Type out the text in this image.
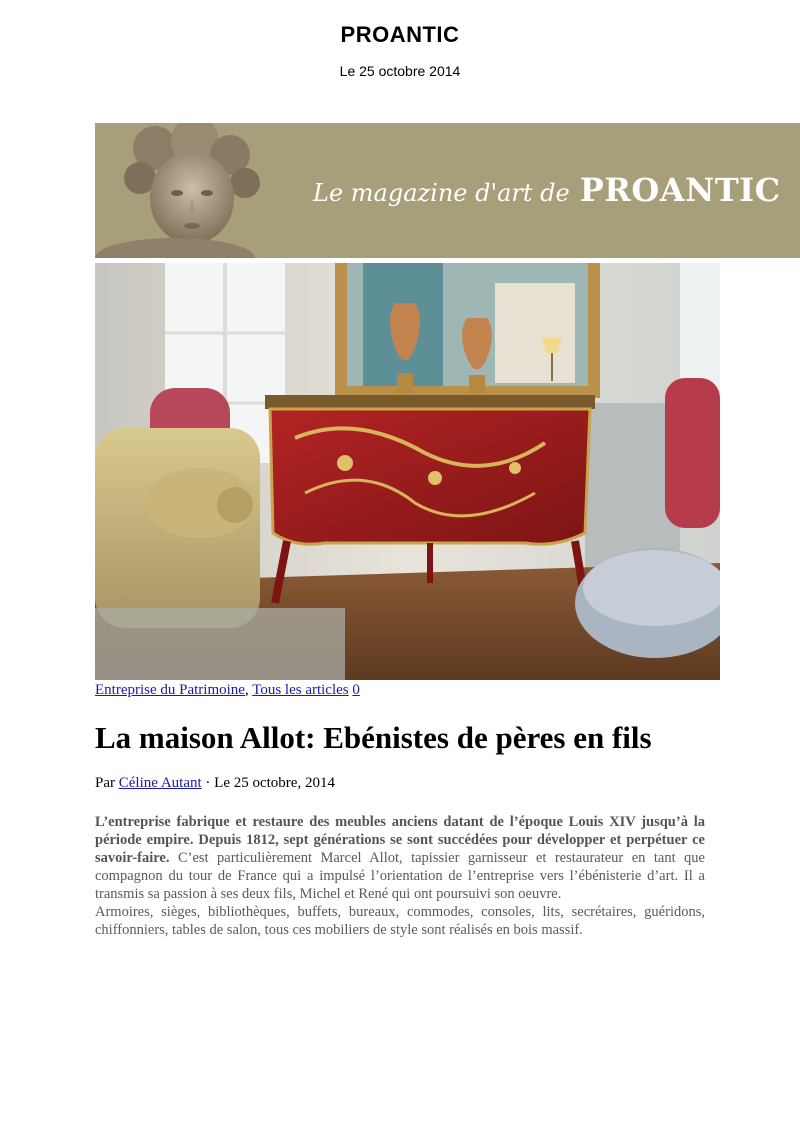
PROANTIC
Le 25 octobre 2014
Le magazine d'art de PROANTIC
Entreprise du Patrimoine, Tous les articles 0
La maison Allot: Ebénistes de pères en fils
Par Céline Autant · Le 25 octobre, 2014

L’entreprise fabrique et restaure des meubles anciens datant de l’époque Louis XIV jusqu’à la période empire. Depuis 1812, sept générations se sont succédées pour développer et perpétuer ce savoir-faire. C’est particulièrement Marcel Allot, tapissier garnisseur et restaurateur en tant que compagnon du tour de France qui a impulsé l’orientation de l’entreprise vers l’ébénisterie d’art. Il a transmis sa passion à ses deux fils, Michel et René qui ont poursuivi son oeuvre.

Armoires, sièges, bibliothèques, buffets, bureaux, commodes, consoles, lits, secrétaires, guéridons, chiffonniers, tables de salon, tous ces mobiliers de style sont réalisés en bois massif.
